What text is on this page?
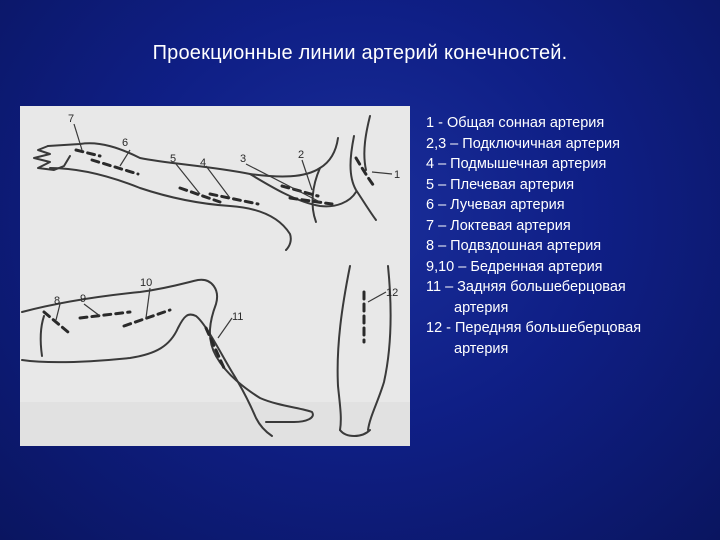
Проекционные линии артерий конечностей.
1
2
3
4
5
6
7
8 9
10
11
12
1 - Общая сонная артерия
2,3 – Подключичная артерия
4 – Подмышечная артерия
5 – Плечевая артерия
6 – Лучевая артерия
7 – Локтевая артерия
8 – Подвздошная артерия
9,10 – Бедренная артерия
11 – Задняя большеберцовая
артерия
12 - Передняя большеберцовая
артерия
